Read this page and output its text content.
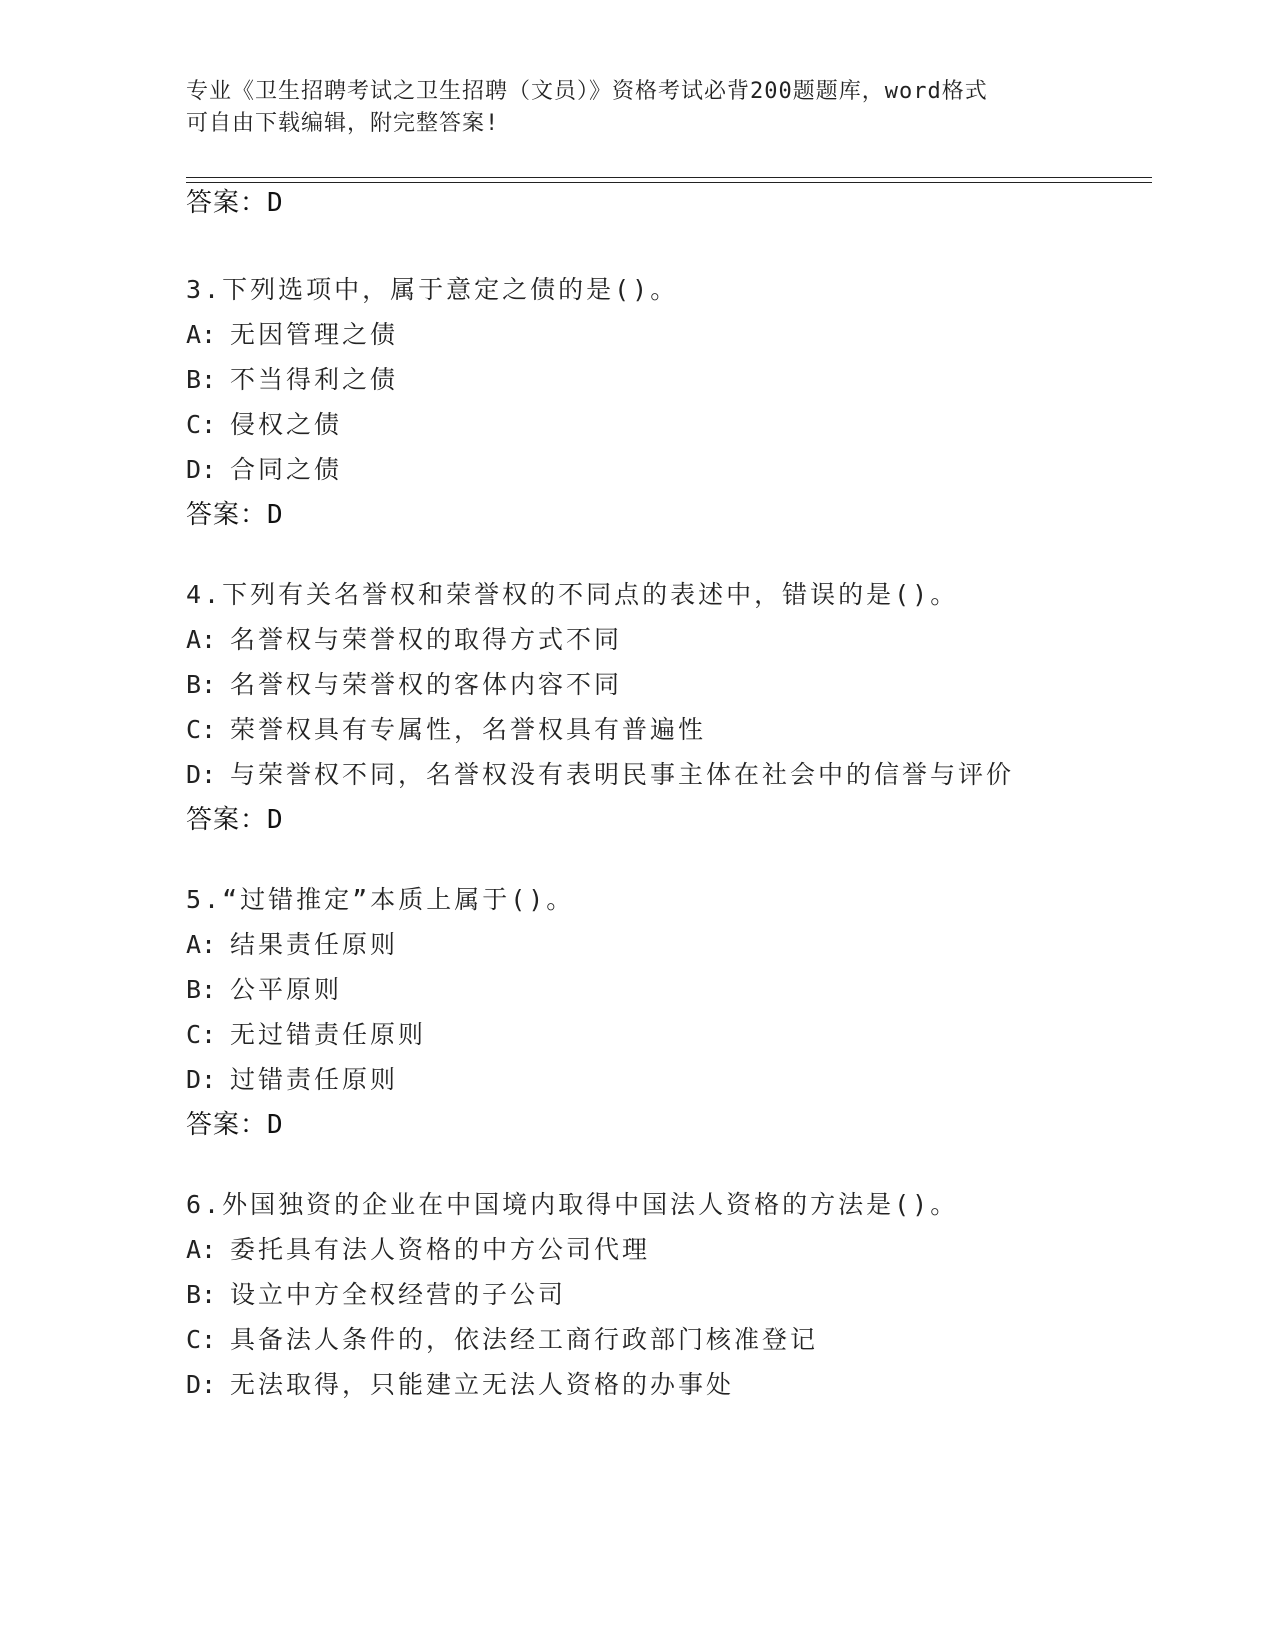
专业《卫生招聘考试之卫生招聘（文员）》资格考试必背200题题库，word格式
可自由下载编辑，附完整答案!
答案：D
3.下列选项中，属于意定之债的是()。
A: 无因管理之债
B: 不当得利之债
C: 侵权之债
D: 合同之债
答案：D
4.下列有关名誉权和荣誉权的不同点的表述中，错误的是()。
A: 名誉权与荣誉权的取得方式不同
B: 名誉权与荣誉权的客体内容不同
C: 荣誉权具有专属性，名誉权具有普遍性
D: 与荣誉权不同，名誉权没有表明民事主体在社会中的信誉与评价
答案：D
5.“过错推定”本质上属于()。
A: 结果责任原则
B: 公平原则
C: 无过错责任原则
D: 过错责任原则
答案：D
6.外国独资的企业在中国境内取得中国法人资格的方法是()。
A: 委托具有法人资格的中方公司代理
B: 设立中方全权经营的子公司
C: 具备法人条件的，依法经工商行政部门核准登记
D: 无法取得，只能建立无法人资格的办事处
